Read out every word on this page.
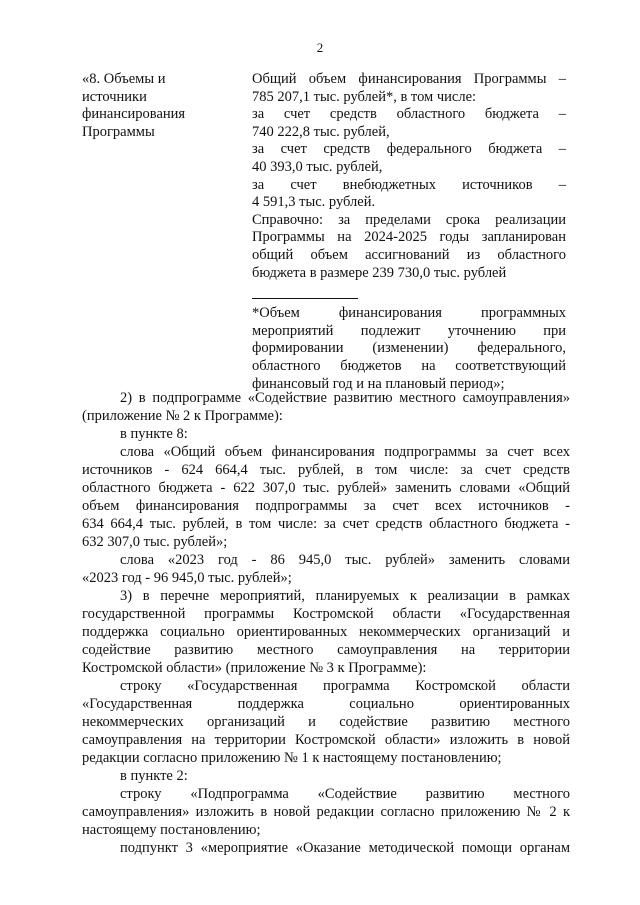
2
«8. Объемы и
источники
финансирования
Программы
Общий объем финансирования Программы –
785 207,1 тыс. рублей*, в том числе:
за счет средств областного бюджета –
740 222,8 тыс. рублей,
за счет средств федерального бюджета –
40 393,0 тыс. рублей,
за счет внебюджетных источников –
4 591,3 тыс. рублей.
Справочно: за пределами срока реализации
Программы на 2024-2025 годы запланирован
общий объем ассигнований из областного
бюджета в размере 239 730,0 тыс. рублей
*Объем финансирования программных
мероприятий подлежит уточнению при
формировании (изменении) федерального,
областного бюджетов на соответствующий
финансовый год и на плановый период»;
2) в подпрограмме «Содействие развитию местного самоуправления»
(приложение № 2 к Программе):
в пункте 8:
слова «Общий объем финансирования подпрограммы за счет всех
источников - 624 664,4 тыс. рублей, в том числе: за счет средств
областного бюджета - 622 307,0 тыс. рублей» заменить словами «Общий
объем финансирования подпрограммы за счет всех источников -
634 664,4 тыс. рублей, в том числе: за счет средств областного бюджета -
632 307,0 тыс. рублей»;
слова «2023 год - 86 945,0 тыс. рублей» заменить словами
«2023 год - 96 945,0 тыс. рублей»;
3) в перечне мероприятий, планируемых к реализации в рамках
государственной программы Костромской области «Государственная
поддержка социально ориентированных некоммерческих организаций и
содействие развитию местного самоуправления на территории
Костромской области» (приложение № 3 к Программе):
строку «Государственная программа Костромской области
«Государственная поддержка социально ориентированных
некоммерческих организаций и содействие развитию местного
самоуправления на территории Костромской области» изложить в новой
редакции согласно приложению № 1 к настоящему постановлению;
в пункте 2:
строку «Подпрограмма «Содействие развитию местного
самоуправления» изложить в новой редакции согласно приложению № 2 к
настоящему постановлению;
подпункт 3 «мероприятие «Оказание методической помощи органам
